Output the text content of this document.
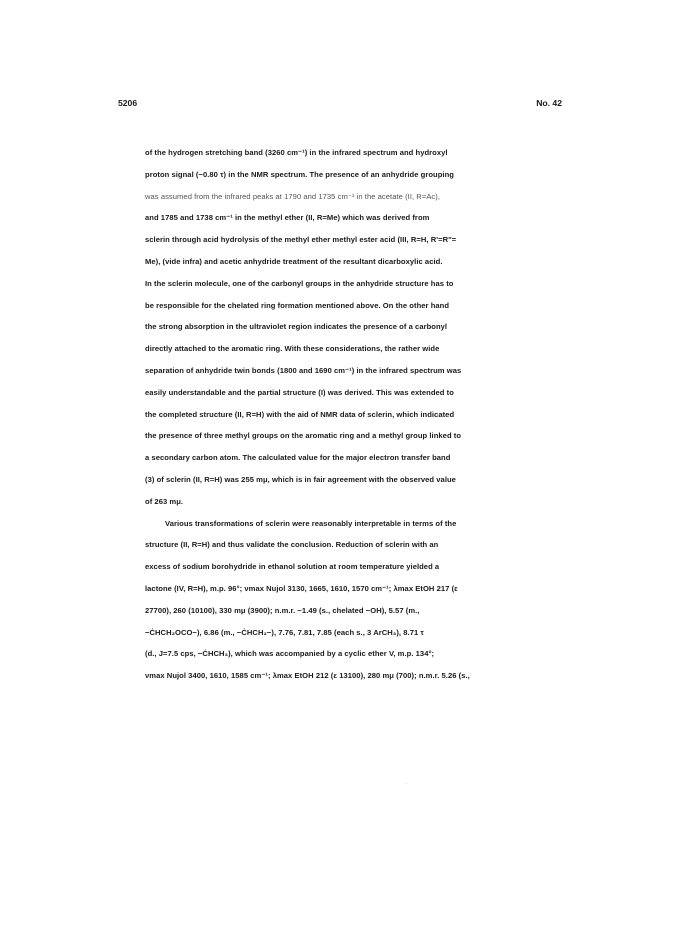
5206	No. 42
of the hydrogen stretching band (3260 cm⁻¹) in the infrared spectrum and hydroxyl
proton signal (−0.80 τ) in the NMR spectrum. The presence of an anhydride grouping
was assumed from the infrared peaks at 1790 and 1735 cm⁻¹ in the acetate (II, R=Ac),
and 1785 and 1738 cm⁻¹ in the methyl ether (II, R=Me) which was derived from
sclerin through acid hydrolysis of the methyl ether methyl ester acid (III, R=H, R'=R"=
Me), (vide infra) and acetic anhydride treatment of the resultant dicarboxylic acid.
In the sclerin molecule, one of the carbonyl groups in the anhydride structure has to
be responsible for the chelated ring formation mentioned above. On the other hand
the strong absorption in the ultraviolet region indicates the presence of a carbonyl
directly attached to the aromatic ring. With these considerations, the rather wide
separation of anhydride twin bonds (1800 and 1690 cm⁻¹) in the infrared spectrum was
easily understandable and the partial structure (I) was derived. This was extended to
the completed structure (II, R=H) with the aid of NMR data of sclerin, which indicated
the presence of three methyl groups on the aromatic ring and a methyl group linked to
a secondary carbon atom. The calculated value for the major electron transfer band
(3) of sclerin (II, R=H) was 255 mμ, which is in fair agreement with the observed value
of 263 mμ.
Various transformations of sclerin were reasonably interpretable in terms of the
structure (II, R=H) and thus validate the conclusion. Reduction of sclerin with an
excess of sodium borohydride in ethanol solution at room temperature yielded a
lactone (IV, R=H), m.p. 96°; νmax Nujol 3130, 1665, 1610, 1570 cm⁻¹; λmax EtOH 217 (ε
27700), 260 (10100), 330 mμ (3900); n.m.r. −1.49 (s., chelated −OH), 5.57 (m.,
−ĊHCH₂OCO−), 6.86 (m., −ĊHCH₂−), 7.76, 7.81, 7.85 (each s., 3 ArCH₃), 8.71 τ
(d., J=7.5 cps, −ĊHCH₃), which was accompanied by a cyclic ether V, m.p. 134°;
νmax Nujol 3400, 1610, 1585 cm⁻¹; λmax EtOH 212 (ε 13100), 280 mμ (700); n.m.r. 5.26 (s.,
·
